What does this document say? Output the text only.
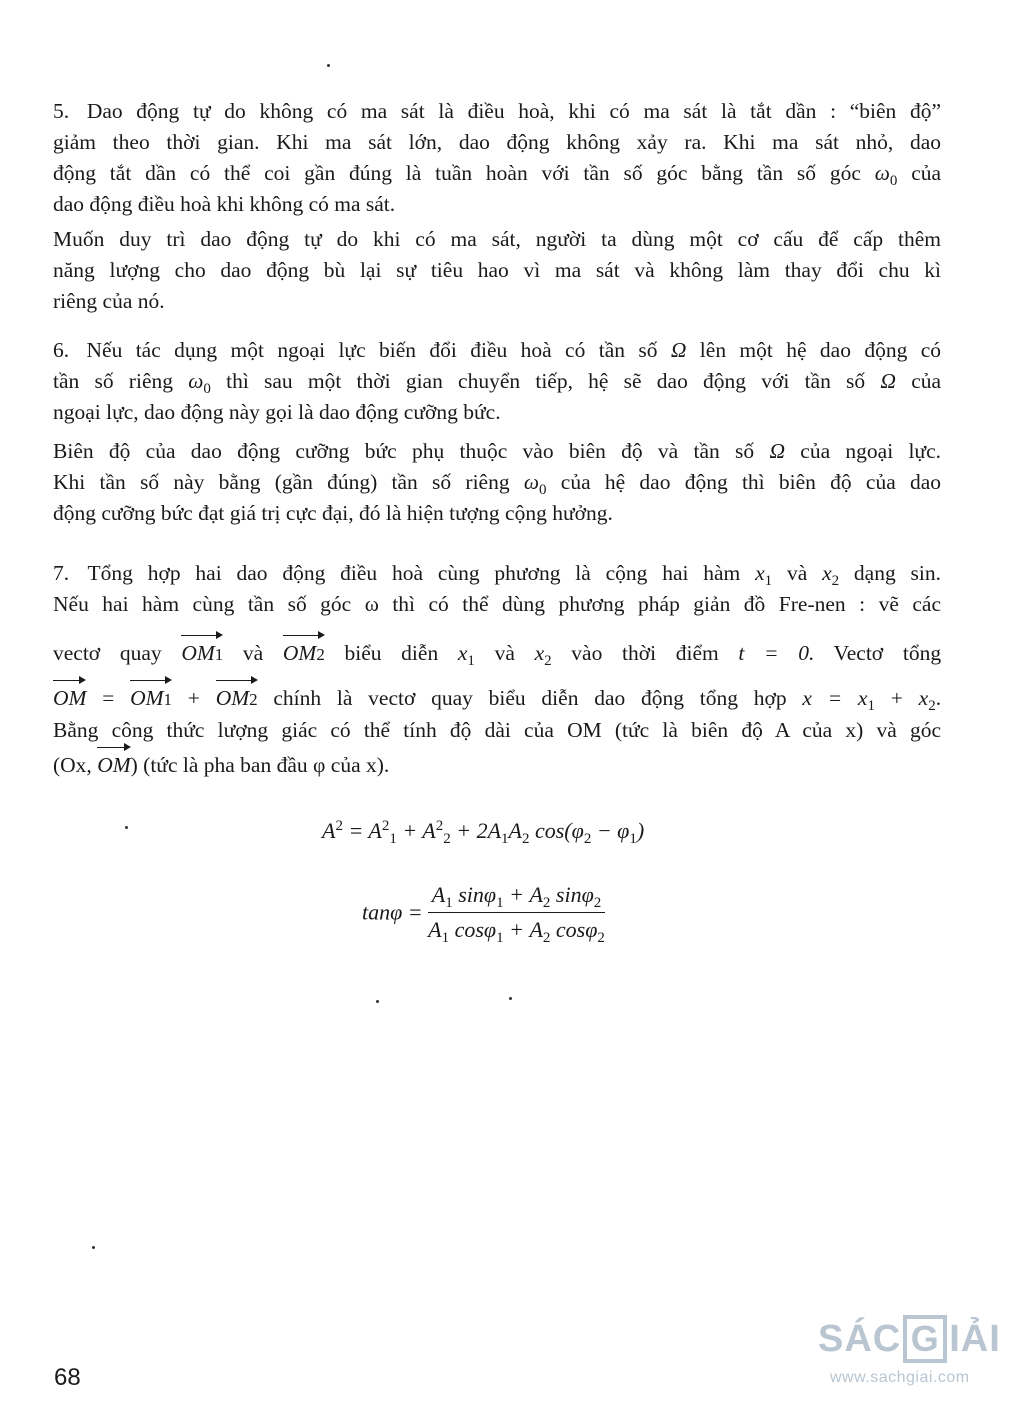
5. Dao động tự do không có ma sát là điều hoà, khi có ma sát là tắt dần : “biên độ”
giảm theo thời gian. Khi ma sát lớn, dao động không xảy ra. Khi ma sát nhỏ, dao
động tắt dần có thể coi gần đúng là tuần hoàn với tần số góc bằng tần số góc $\omega_0$ của
dao động điều hoà khi không có ma sát.
Muốn duy trì dao động tự do khi có ma sát, người ta dùng một cơ cấu để cấp thêm
năng lượng cho dao động bù lại sự tiêu hao vì ma sát và không làm thay đổi chu kì
riêng của nó.
6. Nếu tác dụng một ngoại lực biến đổi điều hoà có tần số Ω lên một hệ dao động có
tần số riêng $\omega_0$ thì sau một thời gian chuyển tiếp, hệ sẽ dao động với tần số Ω của
ngoại lực, dao động này gọi là dao động cưỡng bức.
Biên độ của dao động cưỡng bức phụ thuộc vào biên độ và tần số Ω của ngoại lực.
Khi tần số này bằng (gần đúng) tần số riêng $\omega_0$ của hệ dao động thì biên độ của dao
động cưỡng bức đạt giá trị cực đại, đó là hiện tượng cộng hưởng.
7. Tổng hợp hai dao động điều hoà cùng phương là cộng hai hàm $x_1$ và $x_2$ dạng sin.
Nếu hai hàm cùng tần số góc ω thì có thể dùng phương pháp giản đồ Fre-nen : vẽ các
vectơ quay OM1 và OM2 biểu diễn $x_1$ và $x_2$ vào thời điểm t = 0. Vectơ tổng
OM = OM1 + OM2 chính là vectơ quay biểu diễn dao động tổng hợp $x = x_1 + x_2$.
Bằng công thức lượng giác có thể tính độ dài của OM (tức là biên độ A của x) và góc
(Ox, OM) (tức là pha ban đầu φ của x).
$A^2 = A^2_1 + A^2_2 + 2A_1A_2$ $\cos(\varphi_2 - \varphi_1)$
$\tan\varphi = \frac{A_1 \sin\varphi_1 + A_2 \sin\varphi_2}{A_1 \cos\varphi_1 + A_2 \cos\varphi_2}$
68
SÁC G IẢI
www.sachgiai.com
